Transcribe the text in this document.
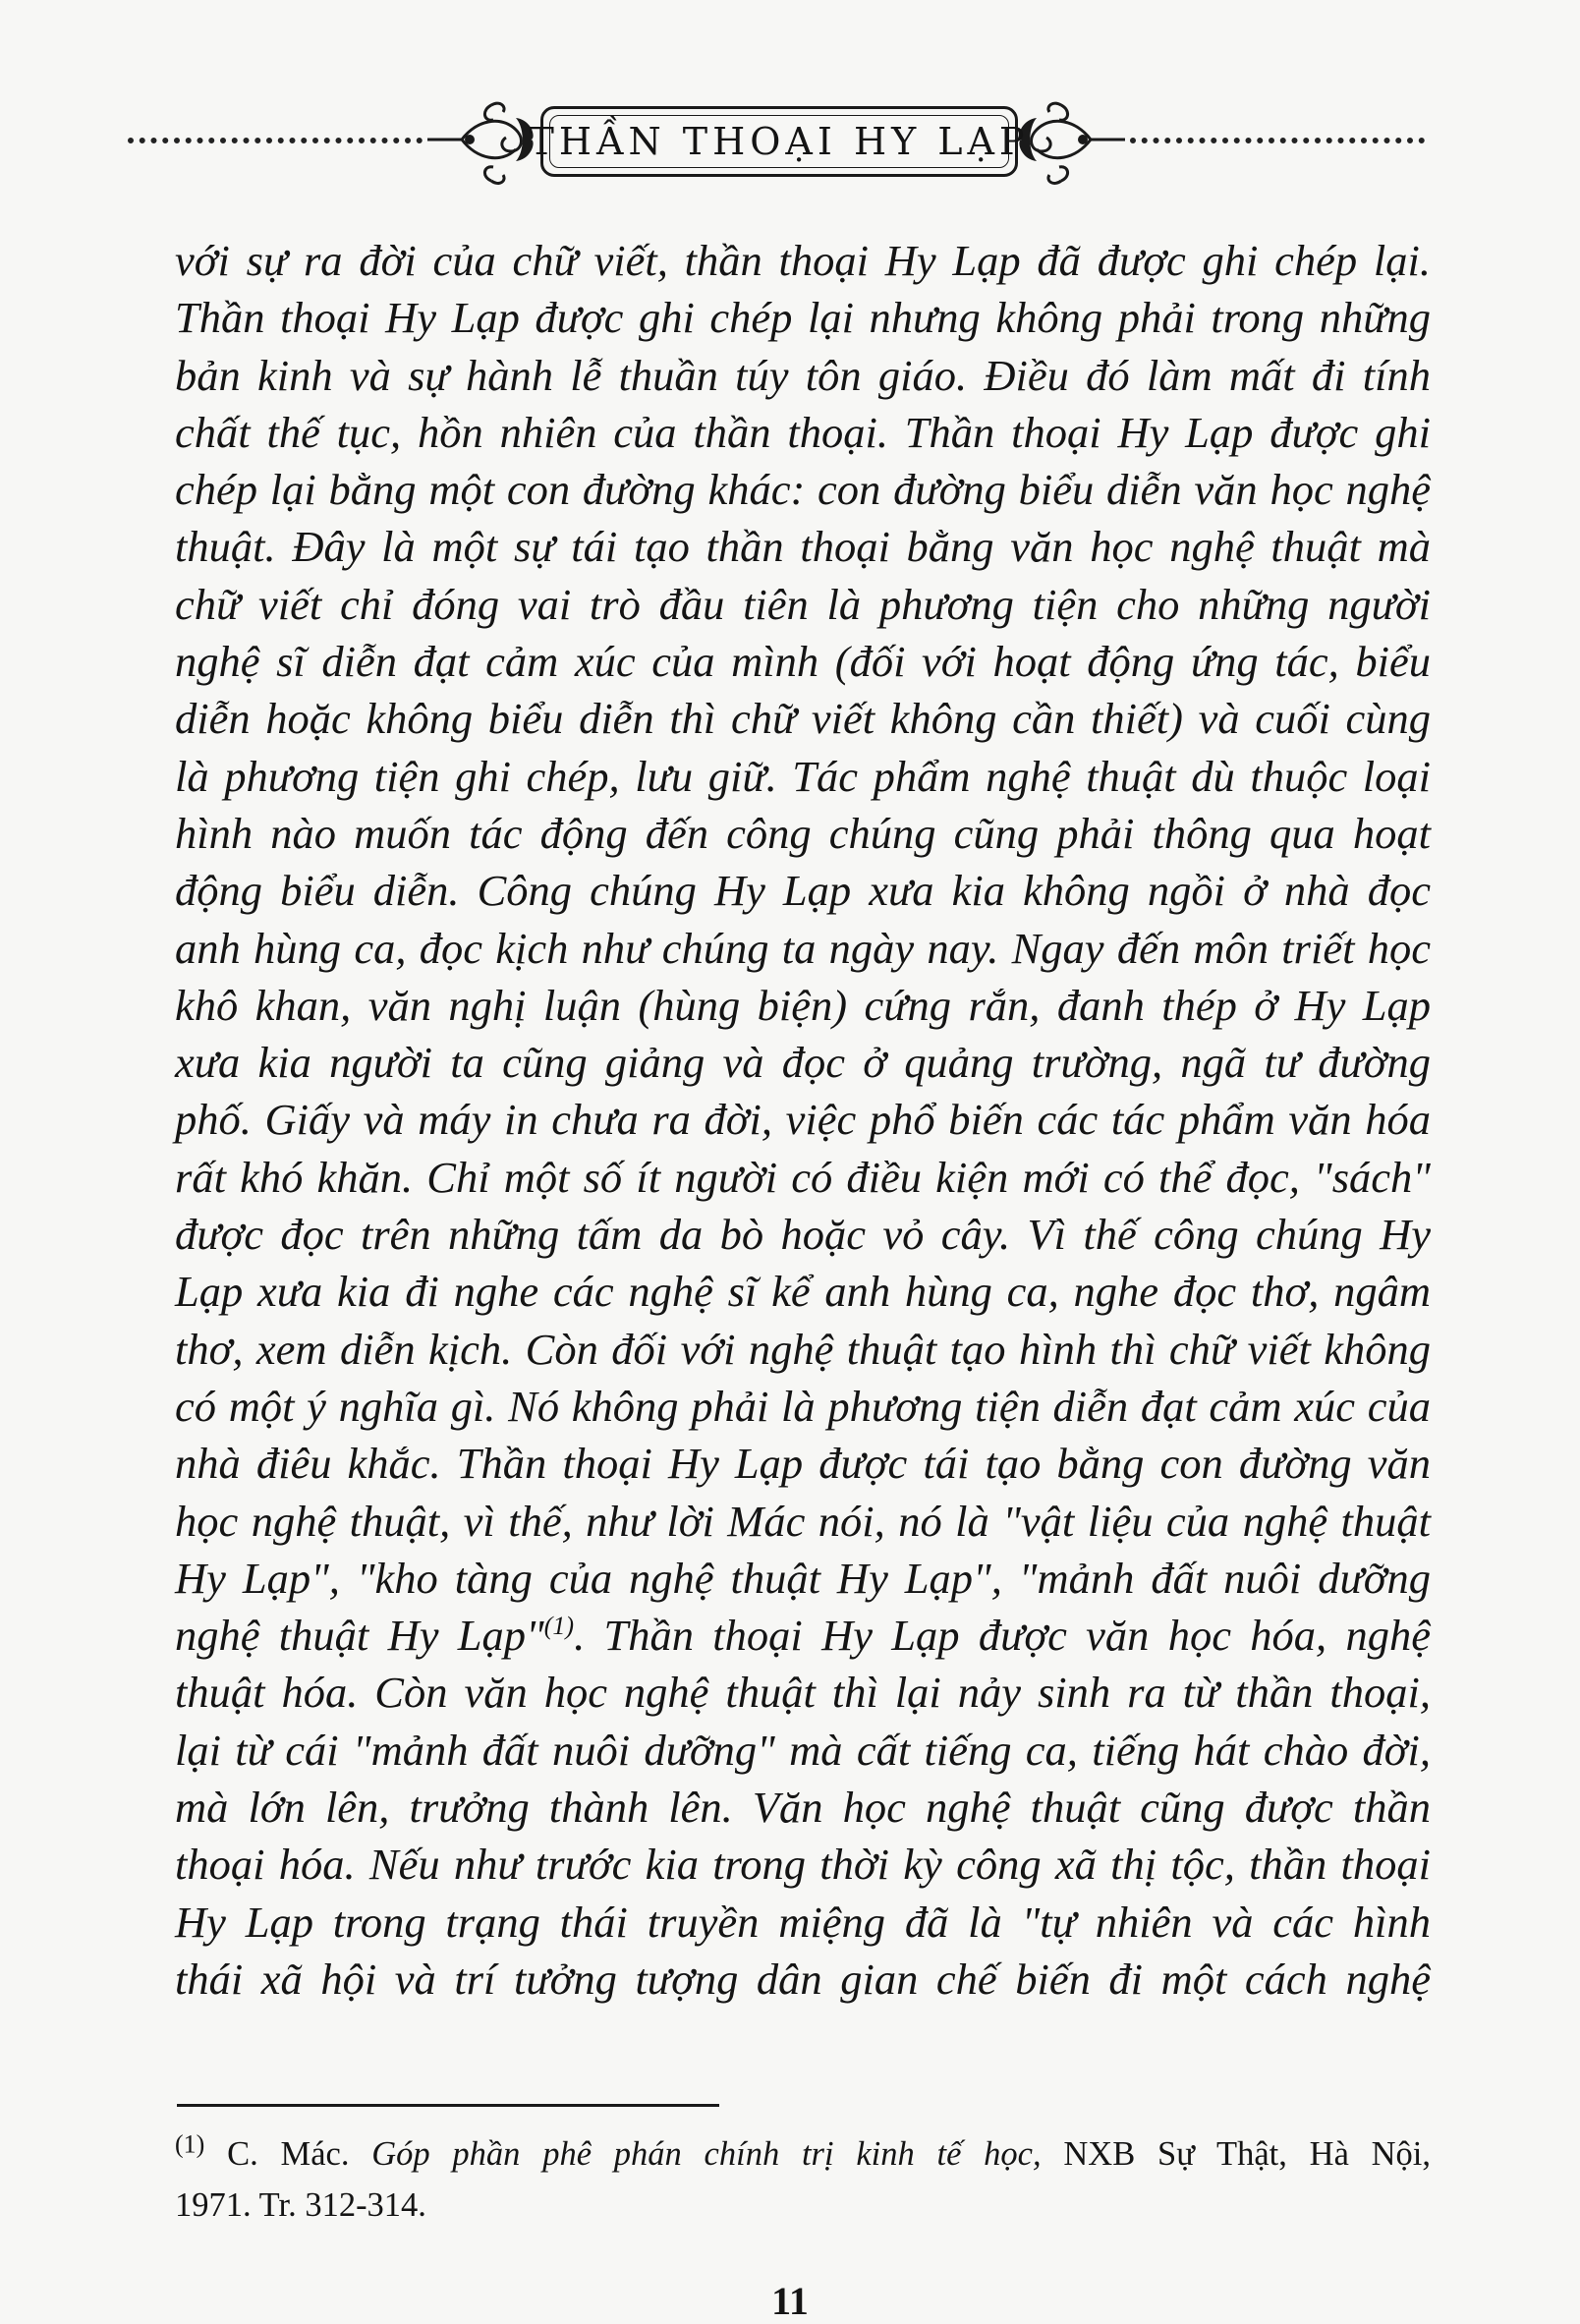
THẦN THOẠI HY LẠP
với sự ra đời của chữ viết, thần thoại Hy Lạp đã được ghi chép lại.
Thần thoại Hy Lạp được ghi chép lại nhưng không phải trong những
bản kinh và sự hành lễ thuần túy tôn giáo. Điều đó làm mất đi tính
chất thế tục, hồn nhiên của thần thoại. Thần thoại Hy Lạp được ghi
chép lại bằng một con đường khác: con đường biểu diễn văn học nghệ
thuật. Đây là một sự tái tạo thần thoại bằng văn học nghệ thuật mà
chữ viết chỉ đóng vai trò đầu tiên là phương tiện cho những người
nghệ sĩ diễn đạt cảm xúc của mình (đối với hoạt động ứng tác, biểu
diễn hoặc không biểu diễn thì chữ viết không cần thiết) và cuối cùng
là phương tiện ghi chép, lưu giữ. Tác phẩm nghệ thuật dù thuộc loại
hình nào muốn tác động đến công chúng cũng phải thông qua hoạt
động biểu diễn. Công chúng Hy Lạp xưa kia không ngồi ở nhà đọc
anh hùng ca, đọc kịch như chúng ta ngày nay. Ngay đến môn triết học
khô khan, văn nghị luận (hùng biện) cứng rắn, đanh thép ở Hy Lạp
xưa kia người ta cũng giảng và đọc ở quảng trường, ngã tư đường
phố. Giấy và máy in chưa ra đời, việc phổ biến các tác phẩm văn hóa
rất khó khăn. Chỉ một số ít người có điều kiện mới có thể đọc, "sách"
được đọc trên những tấm da bò hoặc vỏ cây. Vì thế công chúng Hy
Lạp xưa kia đi nghe các nghệ sĩ kể anh hùng ca, nghe đọc thơ, ngâm
thơ, xem diễn kịch. Còn đối với nghệ thuật tạo hình thì chữ viết không
có một ý nghĩa gì. Nó không phải là phương tiện diễn đạt cảm xúc của
nhà điêu khắc. Thần thoại Hy Lạp được tái tạo bằng con đường văn
học nghệ thuật, vì thế, như lời Mác nói, nó là "vật liệu của nghệ thuật
Hy Lạp", "kho tàng của nghệ thuật Hy Lạp", "mảnh đất nuôi dưỡng
nghệ thuật Hy Lạp"$^{(1)}$. Thần thoại Hy Lạp được văn học hóa, nghệ
thuật hóa. Còn văn học nghệ thuật thì lại nảy sinh ra từ thần thoại,
lại từ cái "mảnh đất nuôi dưỡng" mà cất tiếng ca, tiếng hát chào đời,
mà lớn lên, trưởng thành lên. Văn học nghệ thuật cũng được thần
thoại hóa. Nếu như trước kia trong thời kỳ công xã thị tộc, thần thoại
Hy Lạp trong trạng thái truyền miệng đã là "tự nhiên và các hình
thái xã hội và trí tưởng tượng dân gian chế biến đi một cách nghệ
$^{(1)}$ C. Mác. Góp phần phê phán chính trị kinh tế học, NXB Sự Thật, Hà Nội,
1971. Tr. 312-314.
11
